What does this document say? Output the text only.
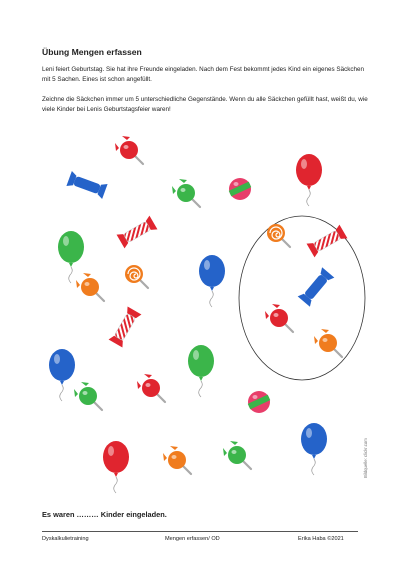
Übung Mengen erfassen
Leni feiert Geburtstag. Sie hat ihre Freunde eingeladen. Nach dem Fest bekommt jedes Kind ein eigenes Säckchen mit 5 Sachen. Eines ist schon angefüllt.
Zeichne die Säckchen immer um 5 unterschiedliche Gegenstände. Wenn du alle Säckchen gefüllt hast, weißt du, wie viele Kinder bei Lenis Geburtstagsfeier waren!
Es waren ……… Kinder eingeladen.
Bildquelle: clickr.com
Dyskalkulietraining	Mengen erfassen/ OD	Erika Haba ©2021
